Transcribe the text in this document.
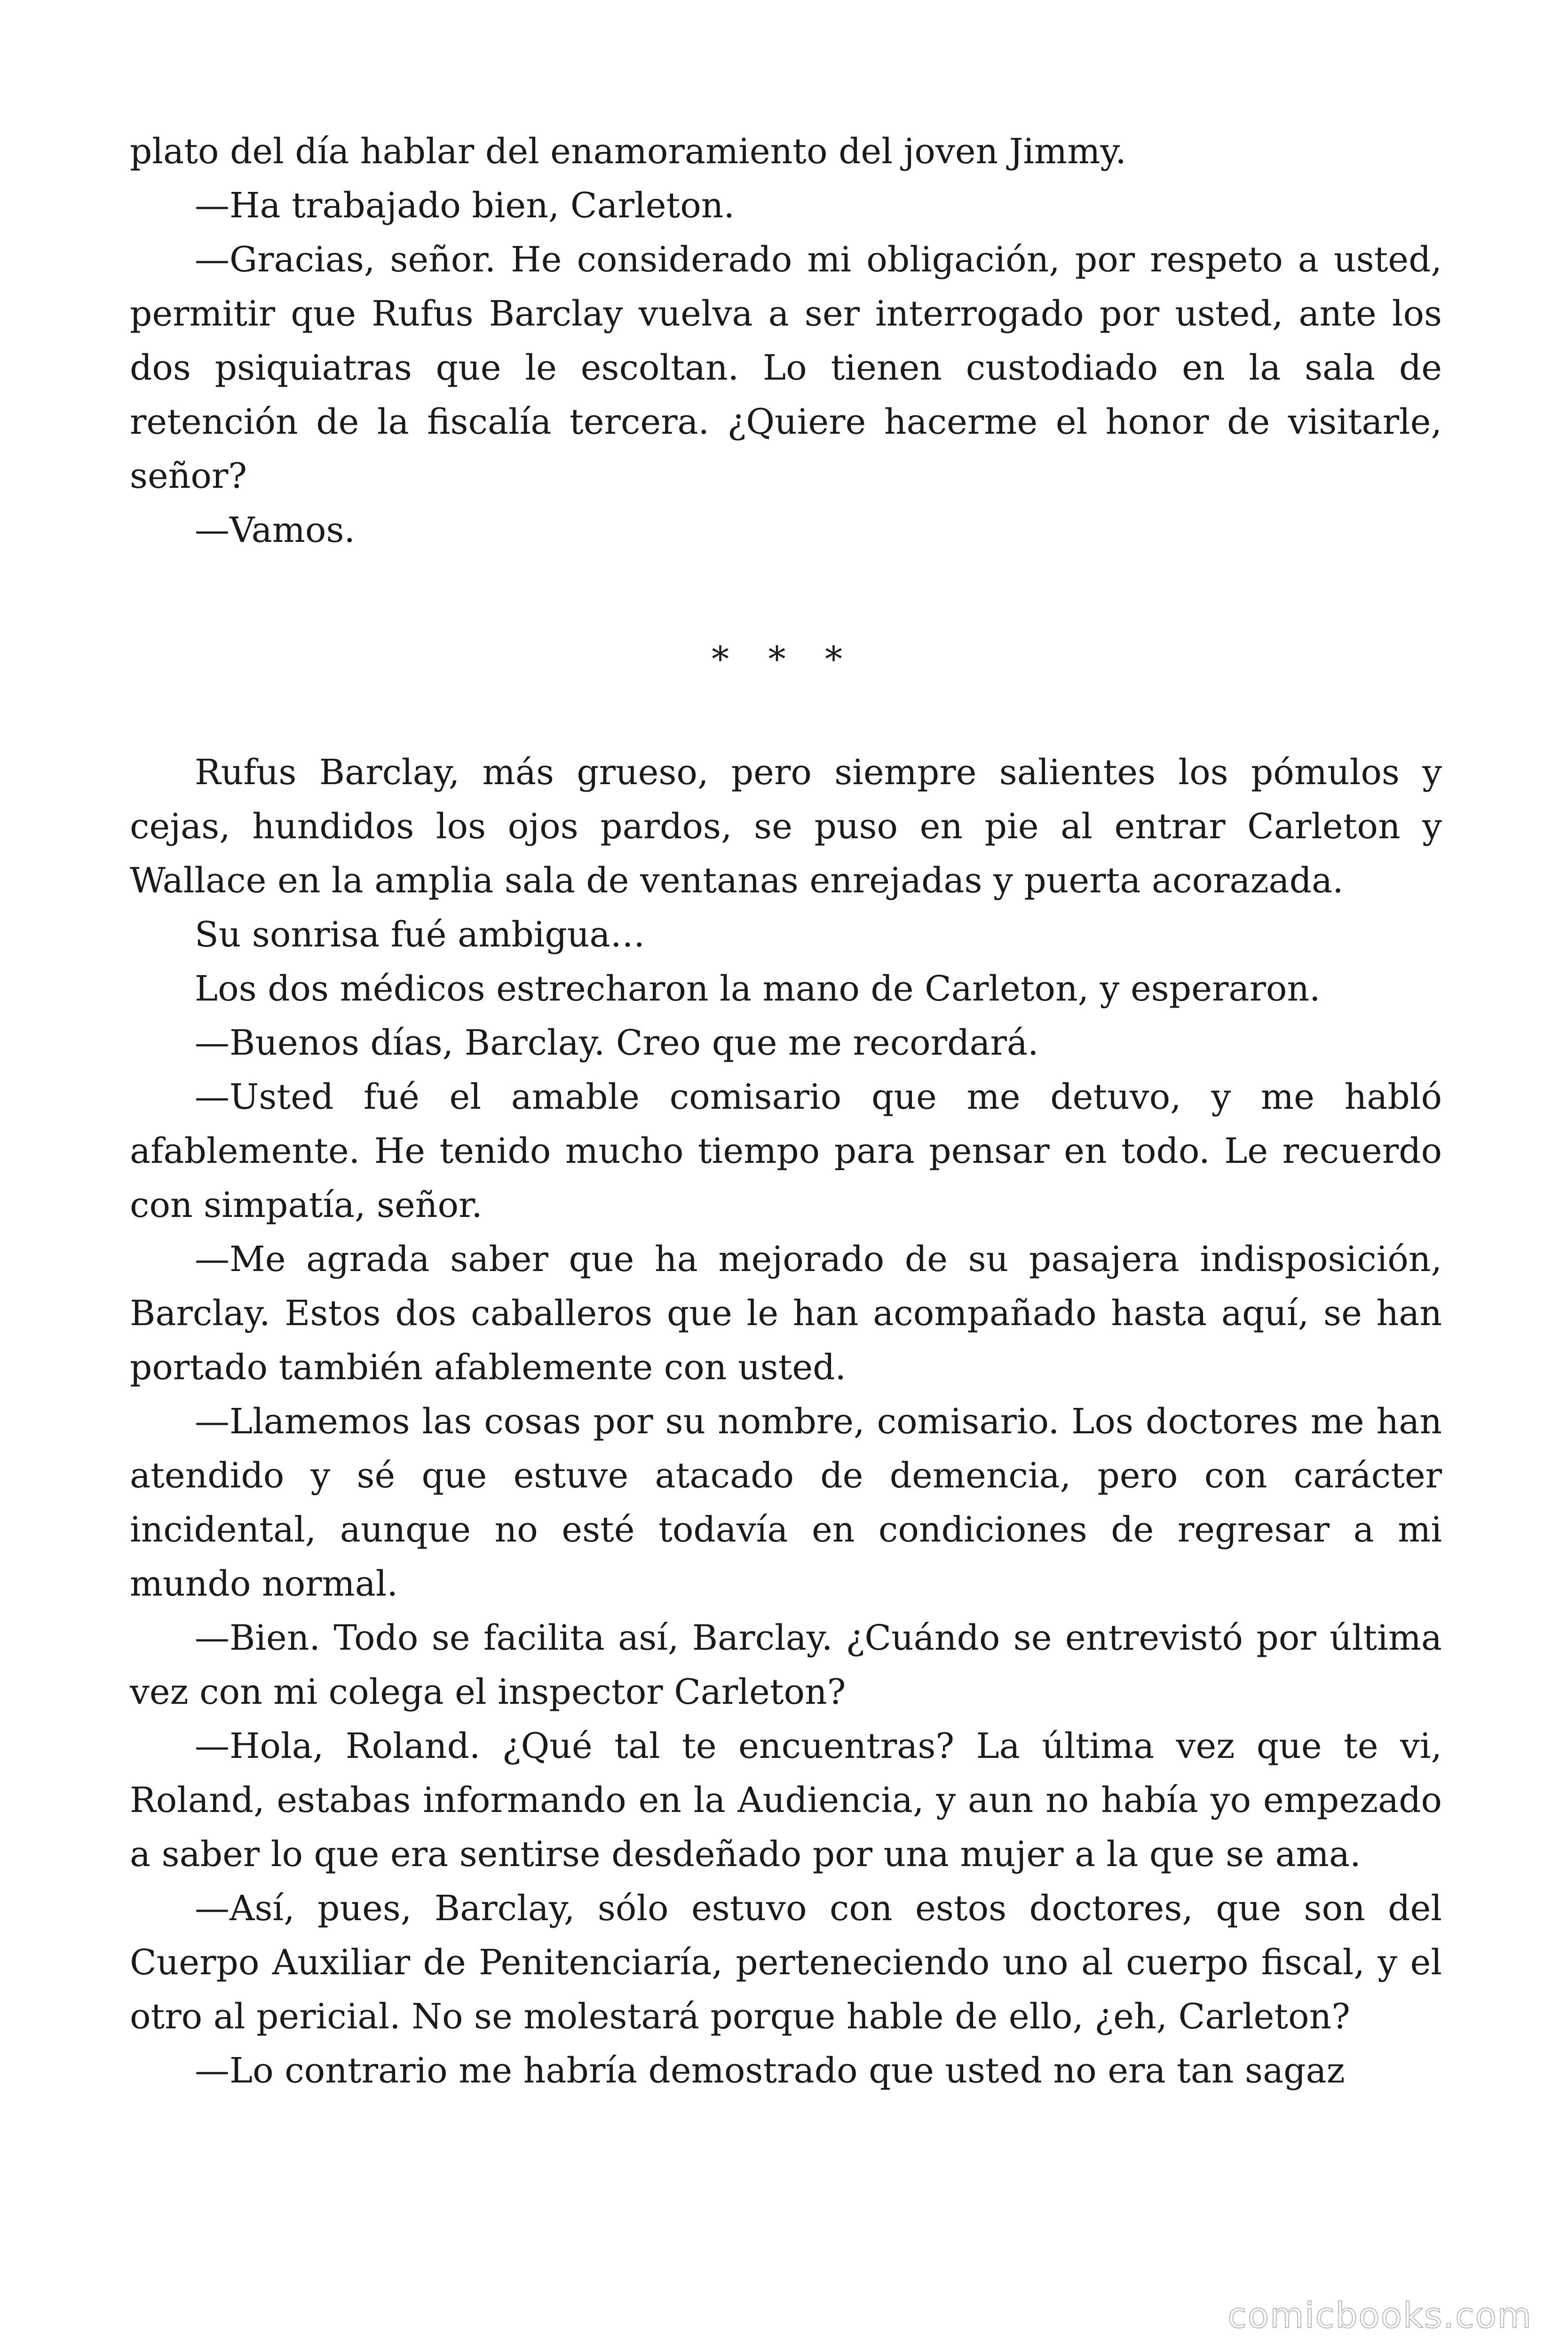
plato del día hablar del enamoramiento del joven Jimmy.

—Ha trabajado bien, Carleton.

—Gracias, señor. He considerado mi obligación, por respeto a usted, permitir que Rufus Barclay vuelva a ser interrogado por usted, ante los dos psiquiatras que le escoltan. Lo tienen custodiado en la sala de retención de la fiscalía tercera. ¿Quiere hacerme el honor de visitarle, señor?

—Vamos.

* * *

Rufus Barclay, más grueso, pero siempre salientes los pómulos y cejas, hundidos los ojos pardos, se puso en pie al entrar Carleton y Wallace en la amplia sala de ventanas enrejadas y puerta acorazada.

Su sonrisa fué ambigua…

Los dos médicos estrecharon la mano de Carleton, y esperaron.

—Buenos días, Barclay. Creo que me recordará.

—Usted fué el amable comisario que me detuvo, y me habló afablemente. He tenido mucho tiempo para pensar en todo. Le recuerdo con simpatía, señor.

—Me agrada saber que ha mejorado de su pasajera indisposición, Barclay. Estos dos caballeros que le han acompañado hasta aquí, se han portado también afablemente con usted.

—Llamemos las cosas por su nombre, comisario. Los doctores me han atendido y sé que estuve atacado de demencia, pero con carácter incidental, aunque no esté todavía en condiciones de regresar a mi mundo normal.

—Bien. Todo se facilita así, Barclay. ¿Cuándo se entrevistó por última vez con mi colega el inspector Carleton?

—Hola, Roland. ¿Qué tal te encuentras? La última vez que te vi, Roland, estabas informando en la Audiencia, y aun no había yo empezado a saber lo que era sentirse desdeñado por una mujer a la que se ama.

—Así, pues, Barclay, sólo estuvo con estos doctores, que son del Cuerpo Auxiliar de Penitenciaría, perteneciendo uno al cuerpo fiscal, y el otro al pericial. No se molestará porque hable de ello, ¿eh, Carleton?

—Lo contrario me habría demostrado que usted no era tan sagaz

comicbooks.com
